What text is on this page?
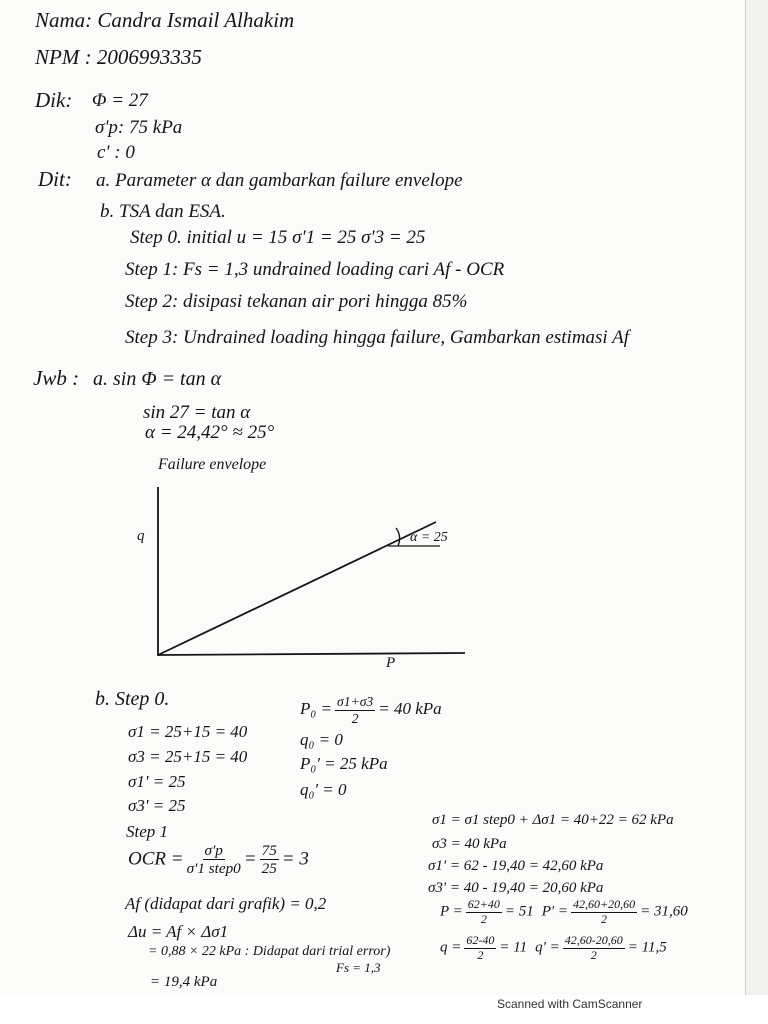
Nama: Candra Ismail Alhakim
NPM : 2006993335
Dik: Φ = 27
σ'p: 75 kPa
c' : 0
Dit: a. Parameter α dan gambarkan failure envelope
b. TSA dan ESA.
Step 0. initial u = 15 σ'1 = 25 σ'3 = 25
Step 1: Fs = 1,3 undrained loading cari Af - OCR
Step 2: disipasi tekanan air pori hingga 85%
Step 3: Undrained loading hingga failure, Gambarkan estimasi Af
Jwb : a. sin Φ = tan α
sin 27 = tan α
α = 24,42° ≈ 25°
Failure envelope
q
P
α = 25
b. Step 0.
σ1 = 25+15 = 40
σ3 = 25+15 = 40
σ1' = 25
σ3' = 25
$P_0 = \frac{\sigma 1+\sigma 3}{2} = 40$ kPa
q₀ = 0
P₀' = 25 kPa
q₀' = 0
Step 1
OCR = $\frac{\sigma'p}{\text{σ'1 step0}} = \frac{75}{25} = 3$
Af (didapat dari grafik) = 0,2
Δu = Af × Δσ1
= 0,88 × 22 kPa : Didapat dari trial error)
Fs = 1,3
= 19,4 kPa
σ1 = σ1 step0 + Δσ1 = 40+22 = 62 kPa
σ3 = 40 kPa
σ1' = 62 - 19,40 = 42,60 kPa
σ3' = 40 - 19,40 = 20,60 kPa
$P = \frac{62+40}{2} = 51$ $P' = \frac{42,60+20,60}{2} = 31,60$
$q = \frac{62-40}{2} = 11$ $q' = \frac{42,60-20,60}{2} = 11,5$
Scanned with CamScanner
